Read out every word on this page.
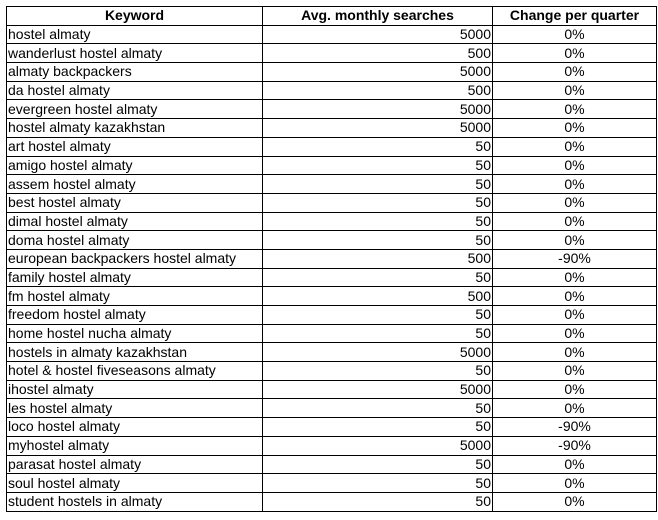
Keyword	Avg. monthly searches	Change per quarter
hostel almaty	5000	0%
wanderlust hostel almaty	500	0%
almaty backpackers	5000	0%
da hostel almaty	500	0%
evergreen hostel almaty	5000	0%
hostel almaty kazakhstan	5000	0%
art hostel almaty	50	0%
amigo hostel almaty	50	0%
assem hostel almaty	50	0%
best hostel almaty	50	0%
dimal hostel almaty	50	0%
doma hostel almaty	50	0%
european backpackers hostel almaty	500	-90%
family hostel almaty	50	0%
fm hostel almaty	500	0%
freedom hostel almaty	50	0%
home hostel nucha almaty	50	0%
hostels in almaty kazakhstan	5000	0%
hotel & hostel fiveseasons almaty	50	0%
ihostel almaty	5000	0%
les hostel almaty	50	0%
loco hostel almaty	50	-90%
myhostel almaty	5000	-90%
parasat hostel almaty	50	0%
soul hostel almaty	50	0%
student hostels in almaty	50	0%
